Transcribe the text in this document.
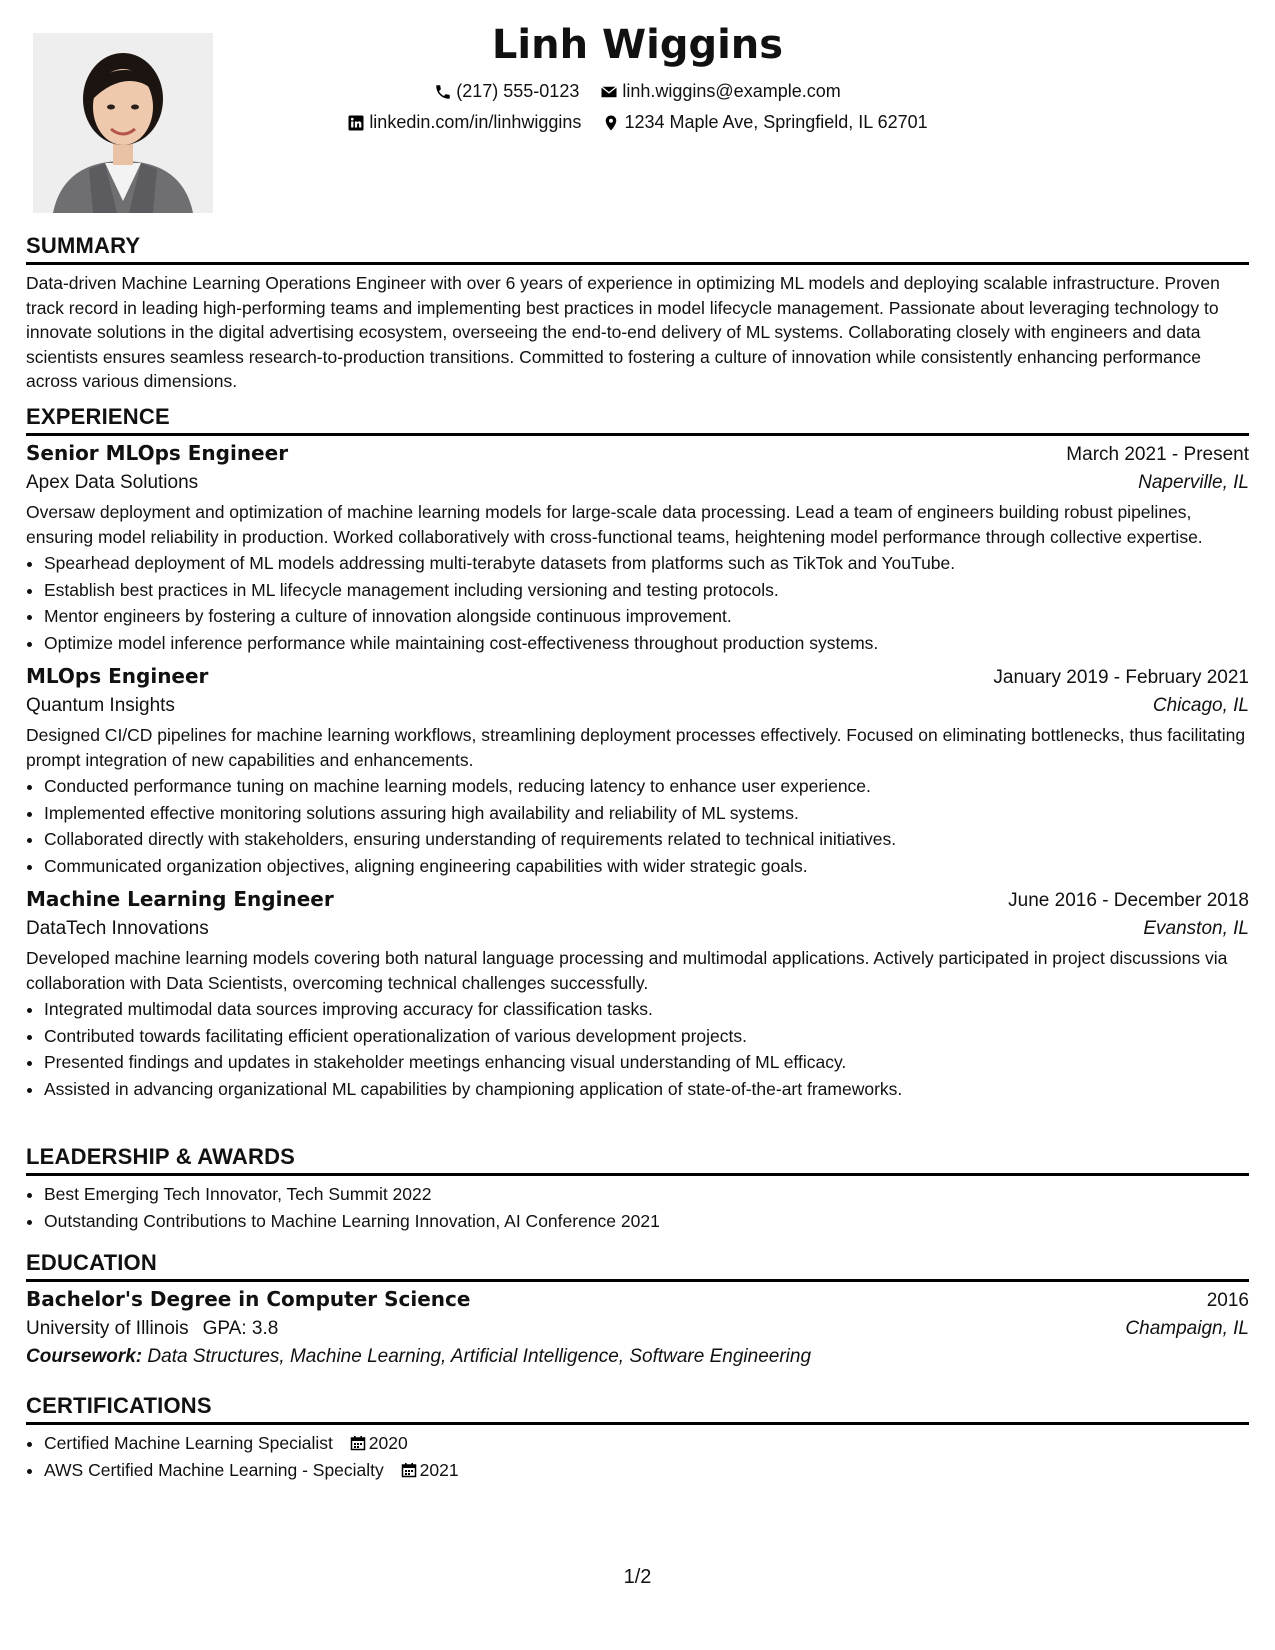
Linh Wiggins
(217) 555-0123
linh.wiggins@example.com
linkedin.com/in/linhwiggins
1234 Maple Ave, Springfield, IL 62701
SUMMARY
Data-driven Machine Learning Operations Engineer with over 6 years of experience in optimizing ML models and deploying scalable infrastructure. Proven track record in leading high-performing teams and implementing best practices in model lifecycle management. Passionate about leveraging technology to innovate solutions in the digital advertising ecosystem, overseeing the end-to-end delivery of ML systems. Collaborating closely with engineers and data scientists ensures seamless research-to-production transitions. Committed to fostering a culture of innovation while consistently enhancing performance across various dimensions.
EXPERIENCE
Senior MLOps Engineer	March 2021 - Present
Apex Data Solutions	Naperville, IL
Oversaw deployment and optimization of machine learning models for large-scale data processing. Lead a team of engineers building robust pipelines, ensuring model reliability in production. Worked collaboratively with cross-functional teams, heightening model performance through collective expertise.
• Spearhead deployment of ML models addressing multi-terabyte datasets from platforms such as TikTok and YouTube.
• Establish best practices in ML lifecycle management including versioning and testing protocols.
• Mentor engineers by fostering a culture of innovation alongside continuous improvement.
• Optimize model inference performance while maintaining cost-effectiveness throughout production systems.
MLOps Engineer	January 2019 - February 2021
Quantum Insights	Chicago, IL
Designed CI/CD pipelines for machine learning workflows, streamlining deployment processes effectively. Focused on eliminating bottlenecks, thus facilitating prompt integration of new capabilities and enhancements.
• Conducted performance tuning on machine learning models, reducing latency to enhance user experience.
• Implemented effective monitoring solutions assuring high availability and reliability of ML systems.
• Collaborated directly with stakeholders, ensuring understanding of requirements related to technical initiatives.
• Communicated organization objectives, aligning engineering capabilities with wider strategic goals.
Machine Learning Engineer	June 2016 - December 2018
DataTech Innovations	Evanston, IL
Developed machine learning models covering both natural language processing and multimodal applications. Actively participated in project discussions via collaboration with Data Scientists, overcoming technical challenges successfully.
• Integrated multimodal data sources improving accuracy for classification tasks.
• Contributed towards facilitating efficient operationalization of various development projects.
• Presented findings and updates in stakeholder meetings enhancing visual understanding of ML efficacy.
• Assisted in advancing organizational ML capabilities by championing application of state-of-the-art frameworks.
LEADERSHIP & AWARDS
• Best Emerging Tech Innovator, Tech Summit 2022
• Outstanding Contributions to Machine Learning Innovation, AI Conference 2021
EDUCATION
Bachelor's Degree in Computer Science	2016
University of Illinois GPA: 3.8	Champaign, IL
Coursework: Data Structures, Machine Learning, Artificial Intelligence, Software Engineering
CERTIFICATIONS
• Certified Machine Learning Specialist 2020
• AWS Certified Machine Learning - Specialty 2021
1/2
